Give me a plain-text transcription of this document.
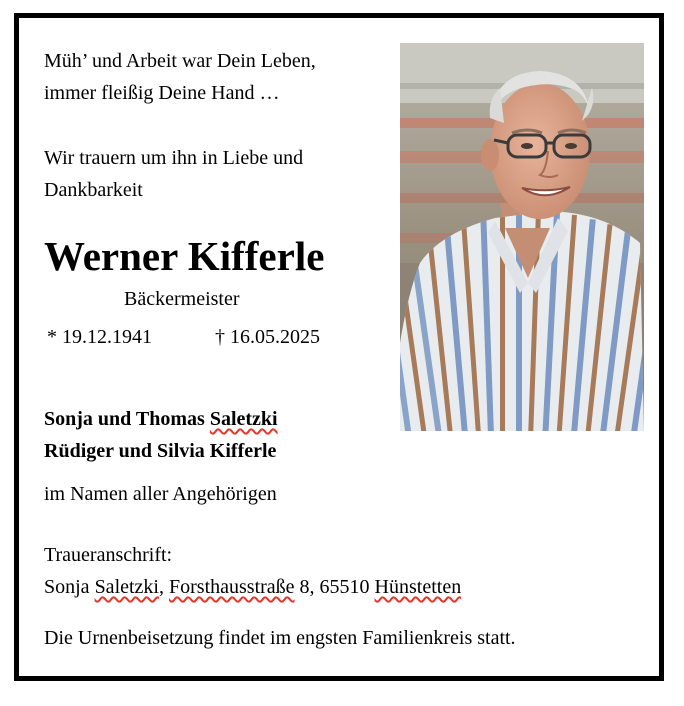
Müh’ und Arbeit war Dein Leben,
immer fleißig Deine Hand …
Wir trauern um ihn in Liebe und
Dankbarkeit
Werner Kifferle
Bäckermeister
* 19.12.1941	† 16.05.2025
Sonja und Thomas Saletzki
Rüdiger und Silvia Kifferle
im Namen aller Angehörigen
Traueranschrift:
Sonja Saletzki, Forsthausstraße 8, 65510 Hünstetten
Die Urnenbeisetzung findet im engsten Familienkreis statt.
